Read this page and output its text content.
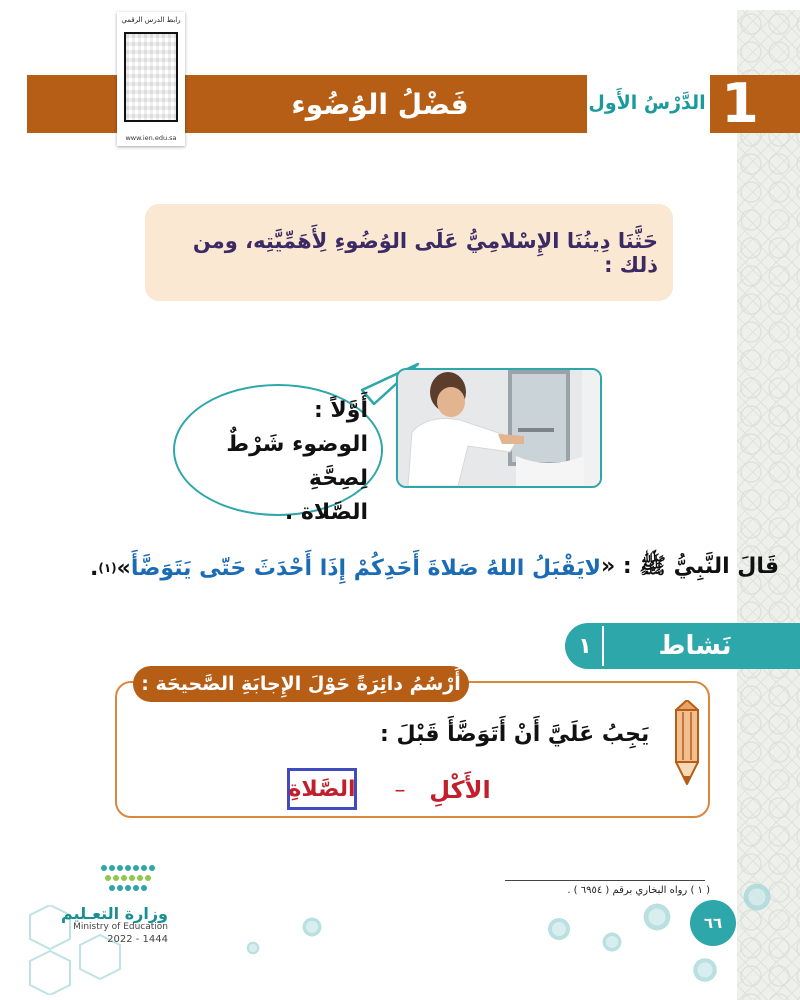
فَضْلُ الوُضُوء	1
الدَّرْسُ الأَول
رابط الدرس الرقمي
www.ien.edu.sa
حَثَّنَا دِينُنَا الإِسْلامِيُّ عَلَى الوُضُوءِ لِأَهَمِّيَّتِه، ومن ذلك :
أَوَّلاً :
الوضوء شَرْطٌ لِصِحَّةِ
الصَّلاة .
قَالَ النَّبِيُّ ﷺ : «
لايَقْبَلُ اللهُ صَلاةَ أَحَدِكُمْ إِذَا أَحْدَثَ حَتّى يَتَوَضَّأَ
»
(١)
.
١	نَشاط
أَرْسُمُ دائِرَةً حَوْلَ الإِجابَةِ الصَّحيحَة :
يَجِبُ عَلَيَّ أَنْ أَتَوَضَّأَ قَبْلَ :
الأَكْلِ
–
الصَّلاةِ
( ١ ) رواه البخاري برقم ( ٦٩٥٤ ) .
٦٦
وزارة التعـليم
Ministry of Education
2022 - 1444
